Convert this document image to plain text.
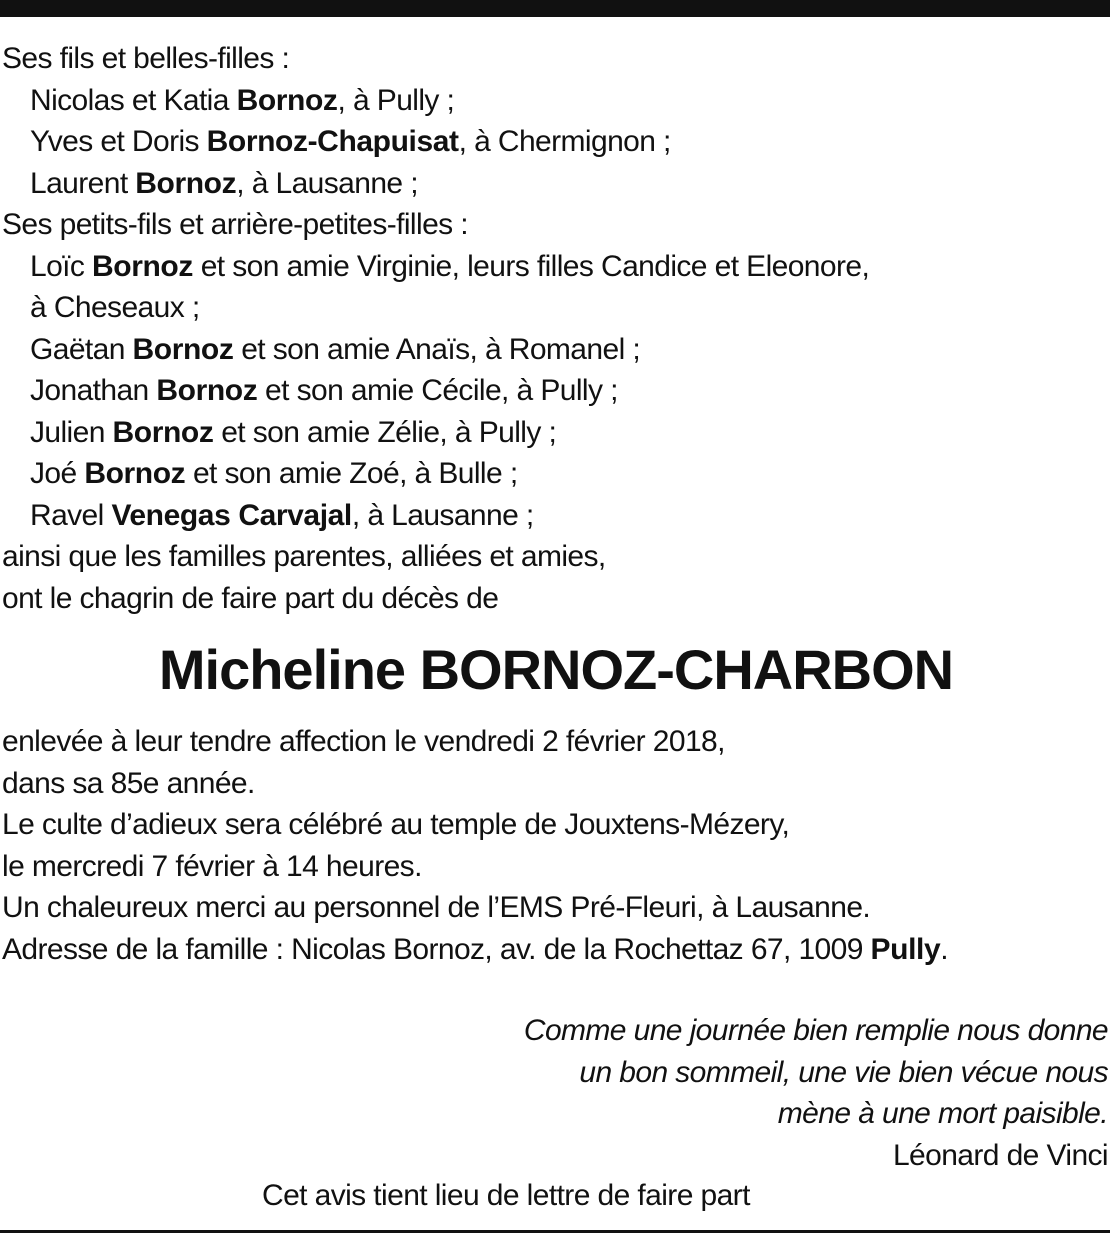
Ses fils et belles-filles :
Nicolas et Katia Bornoz, à Pully ;
Yves et Doris Bornoz-Chapuisat, à Chermignon ;
Laurent Bornoz, à Lausanne ;
Ses petits-fils et arrière-petites-filles :
Loïc Bornoz et son amie Virginie, leurs filles Candice et Eleonore,
à Cheseaux ;
Gaëtan Bornoz et son amie Anaïs, à Romanel ;
Jonathan Bornoz et son amie Cécile, à Pully ;
Julien Bornoz et son amie Zélie, à Pully ;
Joé Bornoz et son amie Zoé, à Bulle ;
Ravel Venegas Carvajal, à Lausanne ;
ainsi que les familles parentes, alliées et amies,
ont le chagrin de faire part du décès de
Micheline BORNOZ-CHARBON
enlevée à leur tendre affection le vendredi 2 février 2018,
dans sa 85e année.
Le culte d’adieux sera célébré au temple de Jouxtens-Mézery,
le mercredi 7 février à 14 heures.
Un chaleureux merci au personnel de l’EMS Pré-Fleuri, à Lausanne.
Adresse de la famille : Nicolas Bornoz, av. de la Rochettaz 67, 1009 Pully.
Comme une journée bien remplie nous donne
un bon sommeil, une vie bien vécue nous
mène à une mort paisible.
Léonard de Vinci
Cet avis tient lieu de lettre de faire part
